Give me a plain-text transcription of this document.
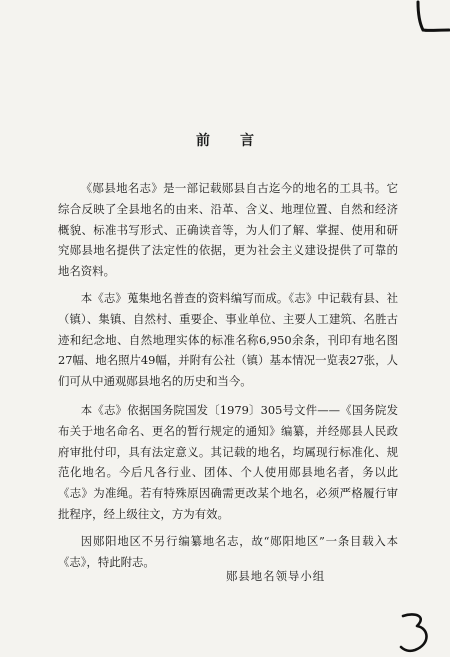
前言

《郧县地名志》是一部记载郧县自古迄今的地名的工具书。它综合反映了全县地名的由来、沿革、含义、地理位置、自然和经济概貌、标准书写形式、正确读音等，为人们了解、掌握、使用和研究郧县地名提供了法定性的依据，更为社会主义建设提供了可靠的地名资料。

本《志》蒐集地名普查的资料编写而成。《志》中记载有县、社（镇）、集镇、自然村、重要企、事业单位、主要人工建筑、名胜古迹和纪念地、自然地理实体的标准名称6,950余条，刊印有地名图27幅、地名照片49幅，并附有公社（镇）基本情况一览表27张，人们可从中通观郧县地名的历史和当今。

本《志》依据国务院国发〔1979〕305号文件——《国务院发布关于地名命名、更名的暂行规定的通知》编纂，并经郧县人民政府审批付印，具有法定意义。其记载的地名，均属现行标准化、规范化地名。今后凡各行业、团体、个人使用郧县地名者，务以此《志》为准绳。若有特殊原因确需更改某个地名，必须严格履行审批程序，经上级往文，方为有效。

因郧阳地区不另行编纂地名志，故“郧阳地区”一条目载入本《志》，特此附志。

郧县地名领导小组
